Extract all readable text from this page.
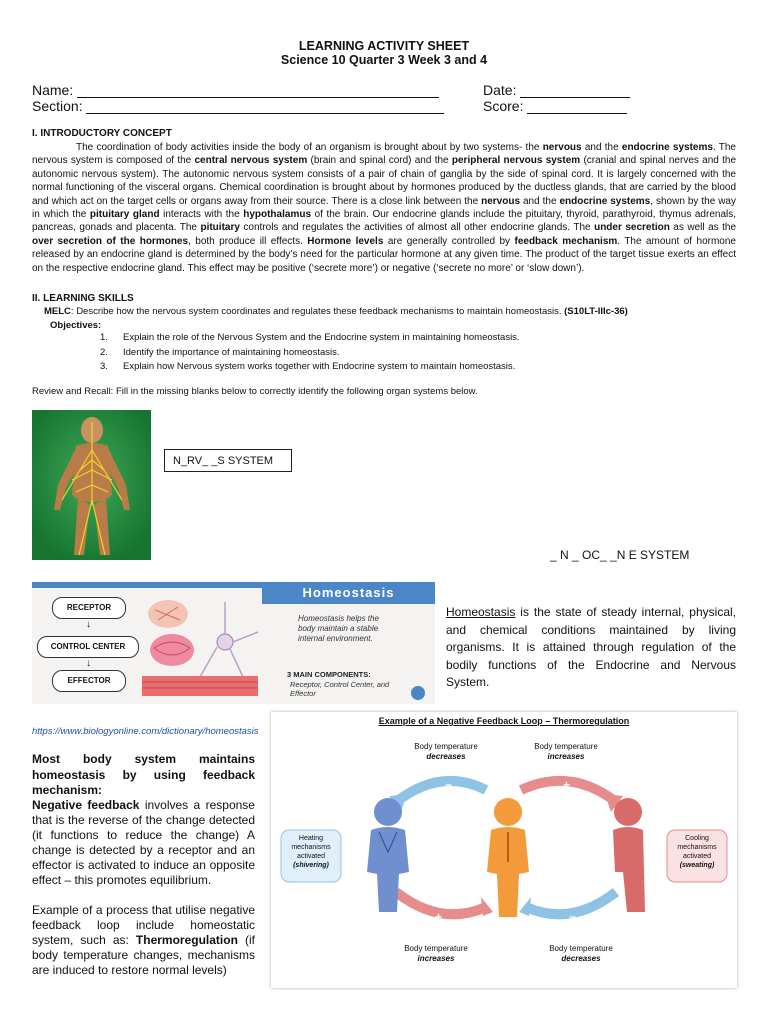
LEARNING ACTIVITY SHEET
Science 10 Quarter 3 Week 3 and 4
Name:	Date:
Section:	Score:
I. INTRODUCTORY CONCEPT
The coordination of body activities inside the body of an organism is brought about by two systems- the nervous and the endocrine systems. The nervous system is composed of the central nervous system (brain and spinal cord) and the peripheral nervous system (cranial and spinal nerves and the autonomic nervous system). The autonomic nervous system consists of a pair of chain of ganglia by the side of spinal cord. It is largely concerned with the normal functioning of the visceral organs. Chemical coordination is brought about by hormones produced by the ductless glands, that are carried by the blood and which act on the target cells or organs away from their source. There is a close link between the nervous and the endocrine systems, shown by the way in which the pituitary gland interacts with the hypothalamus of the brain. Our endocrine glands include the pituitary, thyroid, parathyroid, thymus adrenals, pancreas, gonads and placenta. The pituitary controls and regulates the activities of almost all other endocrine glands. The under secretion as well as the over secretion of the hormones, both produce ill effects. Hormone levels are generally controlled by feedback mechanism. The amount of hormone released by an endocrine gland is determined by the body’s need for the particular hormone at any given time. The product of the target tissue exerts an effect on the respective endocrine gland. This effect may be positive (‘secrete more’) or negative (‘secrete no more’ or ‘slow down’).
II. LEARNING SKILLS
MELC: Describe how the nervous system coordinates and regulates these feedback mechanisms to maintain homeostasis. (S10LT-IIIc-36)
Objectives:
1. Explain the role of the Nervous System and the Endocrine system in maintaining homeostasis.
2. Identify the importance of maintaining homeostasis.
3. Explain how Nervous system works together with Endocrine system to maintain homeostasis.
Review and Recall: Fill in the missing blanks below to correctly identify the following organ systems below.
N_RV_ _S SYSTEM
_ N _ OC_ _N E SYSTEM
Homeostasis
RECEPTOR
↓
CONTROL CENTER
↓
EFFECTOR
Homeostasis helps the body maintain a stable internal environment.
3 MAIN COMPONENTS:
Receptor, Control Center, and Effector
Homeostasis is the state of steady internal, physical, and chemical conditions maintained by living organisms. It is attained through regulation of the bodily functions of the Endocrine and Nervous System.
https://www.biologyonline.com/dictionary/homeostasis
Most body system maintains homeostasis by using feedback mechanism:
Negative feedback involves a response that is the reverse of the change detected (it functions to reduce the change) A change is detected by a receptor and an effector is activated to induce an opposite effect – this promotes equilibrium.
Example of a process that utilise negative feedback loop include homeostatic system, such as: Thermoregulation (if body temperature changes, mechanisms are induced to restore normal levels)
Example of a Negative Feedback Loop – Thermoregulation
Body temperature
decreases
Body temperature
increases
Body temperature
increases
Body temperature
decreases
−	+
+	−
Heating mechanisms activated
(shivering)
Cooling mechanisms activated
(sweating)
